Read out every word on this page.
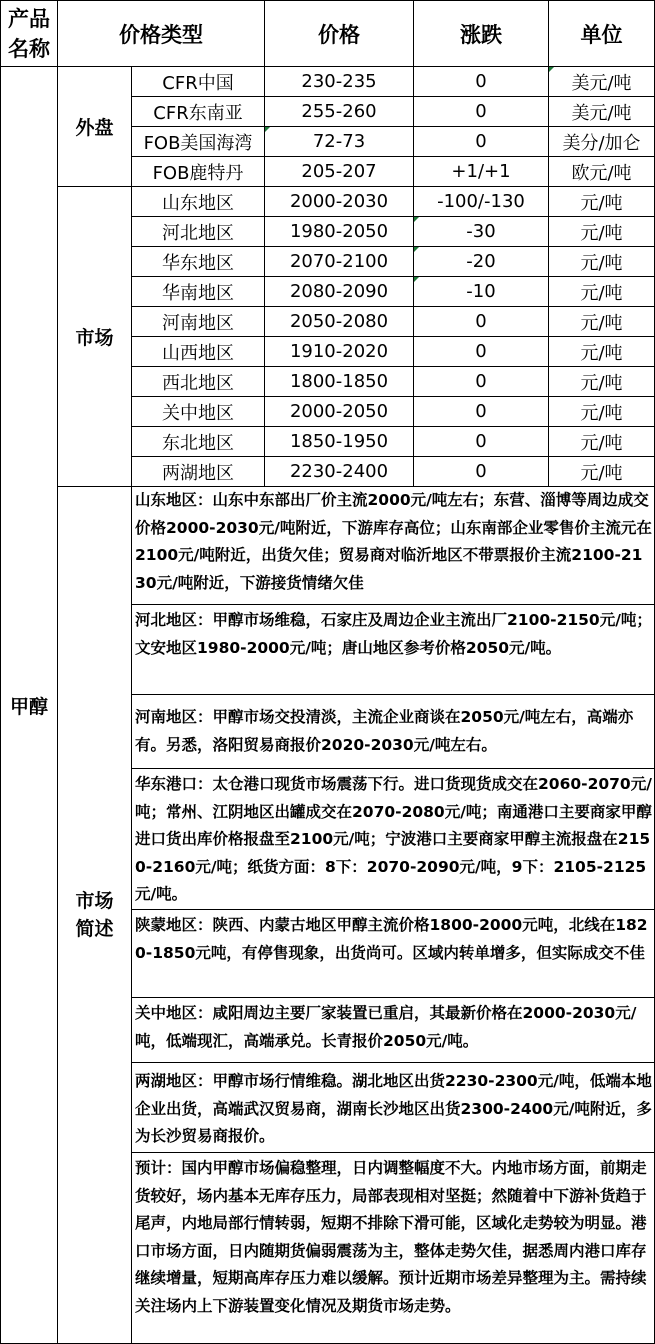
产品
名称	价格类型		价格	涨跌	单位
甲醇	外盘	CFR中国	230-235	0	美元/吨
		CFR东南亚	255-260	0	美元/吨
		FOB美国海湾	72-73	0	美分/加仑
		FOB鹿特丹	205-207	+1/+1	欧元/吨
	市场	山东地区	2000-2030	-100/-130	元/吨
		河北地区	1980-2050	-30	元/吨
		华东地区	2070-2100	-20	元/吨
		华南地区	2080-2090	-10	元/吨
		河南地区	2050-2080	0	元/吨
		山西地区	1910-2020	0	元/吨
		西北地区	1800-1850	0	元/吨
		关中地区	2000-2050	0	元/吨
		东北地区	1850-1950	0	元/吨
		两湖地区	2230-2400	0	元/吨

	市场
简述	山东地区：山东中东部出厂价主流2000元/吨左右；东营、淄博等周边成交价格2000-2030元/吨附近，下游库存高位；山东南部企业零售价主流元在2100元/吨附近，出货欠佳；贸易商对临沂地区不带票报价主流2100-2130元/吨附近，下游接货情绪欠佳			

		河北地区：甲醇市场维稳，石家庄及周边企业主流出厂2100-2150元/吨；文安地区1980-2000元/吨；唐山地区参考价格2050元/吨。			

		河南地区：甲醇市场交投清淡，主流企业商谈在2050元/吨左右，高端亦有。另悉，洛阳贸易商报价2020-2030元/吨左右。			

		华东港口：太仓港口现货市场震荡下行。进口货现货成交在2060-2070元/吨；常州、江阴地区出罐成交在2070-2080元/吨；南通港口主要商家甲醇进口货出库价格报盘至2100元/吨；宁波港口主要商家甲醇主流报盘在2150-2160元/吨；纸货方面：8下：2070-2090元/吨，9下：2105-2125元/吨。			

		陕蒙地区：陕西、内蒙古地区甲醇主流价格1800-2000元吨，北线在1820-1850元吨，有停售现象，出货尚可。区域内转单增多，但实际成交不佳			

		关中地区：咸阳周边主要厂家装置已重启，其最新价格在2000-2030元/吨，低端现汇，高端承兑。长青报价2050元/吨。			

		两湖地区：甲醇市场行情维稳。湖北地区出货2230-2300元/吨，低端本地企业出货，高端武汉贸易商，湖南长沙地区出货2300-2400元/吨附近，多为长沙贸易商报价。			

		预计：国内甲醇市场偏稳整理，日内调整幅度不大。内地市场方面，前期走货较好，场内基本无库存压力，局部表现相对坚挺；然随着中下游补货趋于尾声，内地局部行情转弱，短期不排除下滑可能，区域化走势较为明显。港口市场方面，日内随期货偏弱震荡为主，整体走势欠佳，据悉周内港口库存继续增量，短期高库存压力难以缓解。预计近期市场差异整理为主。需持续关注场内上下游装置变化情况及期货市场走势。			
